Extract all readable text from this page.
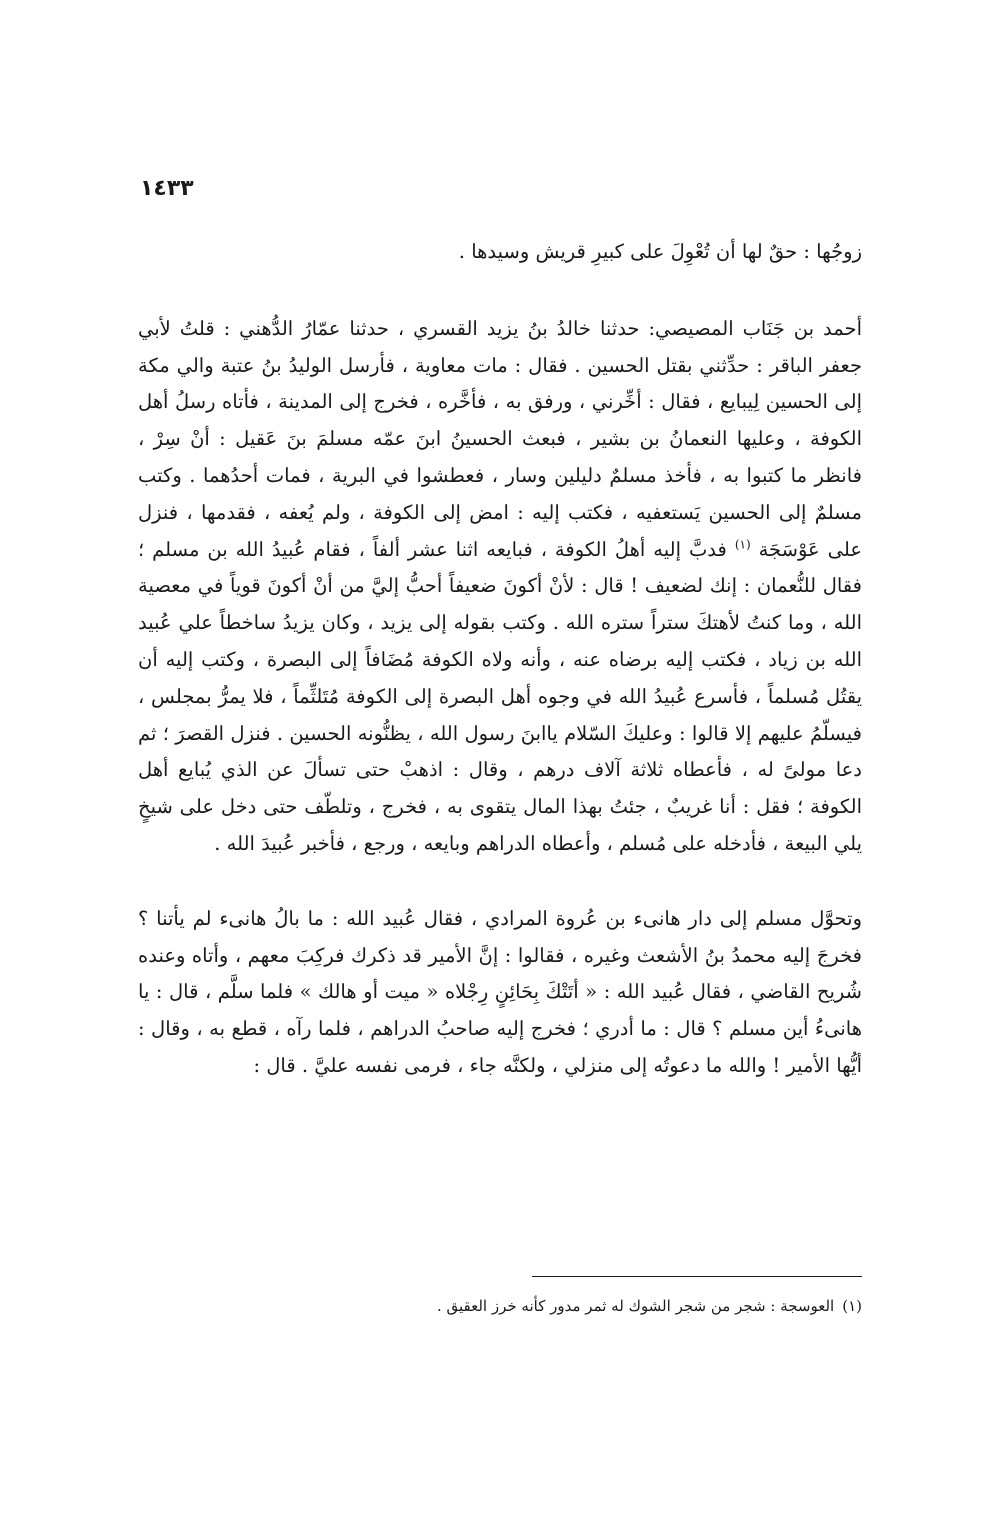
١٤٣٣

زوجُها : حقٌ لها أن تُعْوِلَ على كبيرِ قريش وسيدها .

أحمد بن جَنَاب المصيصي: حدثنا خالدُ بنُ يزيد القسري ، حدثنا عمّارُ الدُّهني : قلتُ لأبي جعفر الباقر : حدِّثني بقتل الحسين . فقال : مات معاوية ، فأرسل الوليدُ بنُ عتبة والي مكة إلى الحسين لِيبايع ، فقال : أخِّرني ، ورفق به ، فأخَّره ، فخرج إلى المدينة ، فأتاه رسلُ أهل الكوفة ، وعليها النعمانُ بن بشير ، فبعث الحسينُ ابنَ عمّه مسلمَ بنَ عَقيل : أنْ سِرْ ، فانظر ما كتبوا به ، فأخذ مسلمٌ دليلين وسار ، فعطشوا في البرية ، فمات أحدُهما . وكتب مسلمٌ إلى الحسين يَستعفيه ، فكتب إليه : امض إلى الكوفة ، ولم يُعفه ، فقدمها ، فنزل على عَوْسَجَة $^{(١)}$ فدبَّ إليه أهلُ الكوفة ، فبايعه اثنا عشر ألفاً ، فقام عُبيدُ الله بن مسلم ؛ فقال للنُّعمان : إنك لضعيف ! قال : لأنْ أكونَ ضعيفاً أحبُّ إليَّ من أنْ أكونَ قوياً في معصية الله ، وما كنتُ لأهتكَ ستراً ستره الله . وكتب بقوله إلى يزيد ، وكان يزيدُ ساخطاً علي عُبيد الله بن زياد ، فكتب إليه برضاه عنه ، وأنه ولاه الكوفة مُضَافاً إلى البصرة ، وكتب إليه أن يقتُل مُسلماً ، فأسرع عُبيدُ الله في وجوه أهل البصرة إلى الكوفة مُتَلثِّماً ، فلا يمرُّ بمجلس ، فيسلّمُ عليهم إلا قالوا : وعليكَ السّلام ياابنَ رسول الله ، يظنُّونه الحسين . فنزل القصرَ ؛ ثم دعا مولىً له ، فأعطاه ثلاثة آلاف درهم ، وقال : اذهبْ حتى تسألَ عن الذي يُبايع أهل الكوفة ؛ فقل : أنا غريبٌ ، جئتُ بهذا المال يتقوى به ، فخرج ، وتلطّف حتى دخل على شيخٍ يلي البيعة ، فأدخله على مُسلم ، وأعطاه الدراهم وبايعه ، ورجع ، فأخبر عُبيدَ الله .

وتحوَّل مسلم إلى دار هانىء بن عُروة المرادي ، فقال عُبيد الله : ما بالُ هانىء لم يأتنا ؟ فخرجَ إليه محمدُ بنُ الأشعث وغيره ، فقالوا : إنَّ الأمير قد ذكرك فركِبَ معهم ، وأتاه وعنده شُريح القاضي ، فقال عُبيد الله : « أتَتْكَ بِحَائِنٍ رِجْلاه « ميت أو هالك » فلما سلَّم ، قال : يا هانىءُ أين مسلم ؟ قال : ما أدري ؛ فخرج إليه صاحبُ الدراهم ، فلما رآه ، قطع به ، وقال : أيُّها الأمير ! والله ما دعوتُه إلى منزلي ، ولكنَّه جاء ، فرمى نفسه عليَّ . قال :

(١)العوسجة : شجر من شجر الشوك له ثمر مدور كأنه خرز العقيق .
